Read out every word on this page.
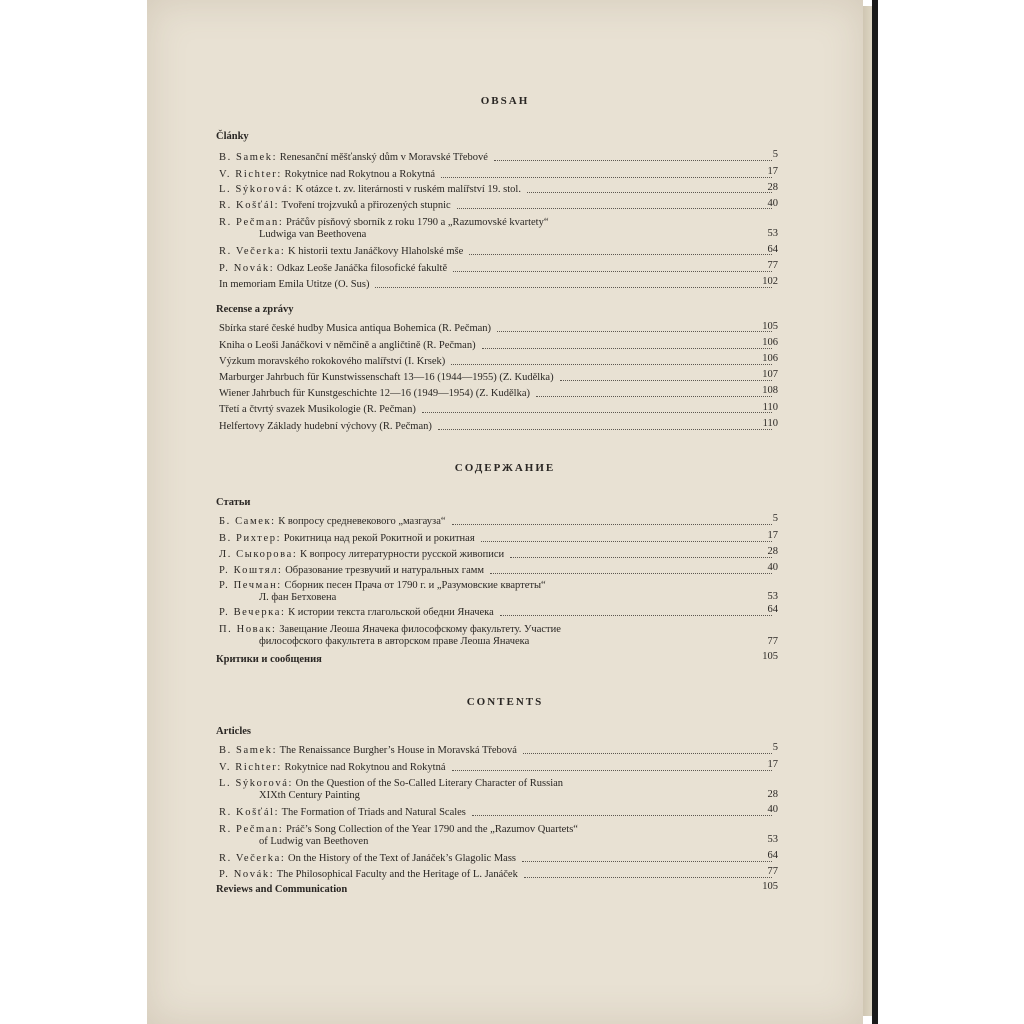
OBSAH
Články
B. Samek: Renesanční měšťanský dům v Moravské Třebové	5
V. Richter: Rokytnice nad Rokytnou a Rokytná	17
L. Sýkorová: K otázce t. zv. literárnosti v ruském malířství 19. stol.	28
R. Košťál: Tvoření trojzvuků a přirozených stupnic	40
R. Pečman: Práčův písňový sborník z roku 1790 a „Razumovské kvartety“
Ludwiga van Beethovena	53
R. Večerka: K historii textu Janáčkovy Hlaholské mše	64
P. Novák: Odkaz Leoše Janáčka filosofické fakultě	77
In memoriam Emila Utitze (O. Sus)	102
Recense a zprávy
Sbírka staré české hudby Musica antiqua Bohemica (R. Pečman)	105
Kniha o Leoši Janáčkovi v němčině a angličtině (R. Pečman)	106
Výzkum moravského rokokového malířství (I. Krsek)	106
Marburger Jahrbuch für Kunstwissenschaft 13—16 (1944—1955) (Z. Kudělka)	107
Wiener Jahrbuch für Kunstgeschichte 12—16 (1949—1954) (Z. Kudělka)	108
Třetí a čtvrtý svazek Musikologie (R. Pečman)	110
Helfertovy Základy hudební výchovy (R. Pečman)	110
СОДЕРЖАНИЕ
Статьи
Б. Самек: К вопросу средневекового „мазгауза“	5
В. Рихтер: Рокитница над рекой Рокитной и рокитная	17
Л. Сыкорова: К вопросу литературности русской живописи	28
Р. Кoштял: Образование трезвучий и натуральных гамм	40
Р. Печман: Сборник песен Прача от 1790 г. и „Разумовские квартеты“
Л. фан Бетховена	53
Р. Вечерка: К истории текста глагольской обедни Яначека	64
П. Новак: Завещание Леоша Яначека философскому факультету. Участие
философского факультета в авторском праве Леоша Яначека	77
Критики и сообщения	105
CONTENTS
Articles
B. Samek: The Renaissance Burgher’s House in Moravská Třebová	5
V. Richter: Rokytnice nad Rokytnou and Rokytná	17
L. Sýkorová: On the Question of the So-Called Literary Character of Russian
XIXth Century Painting	28
R. Košťál: The Formation of Triads and Natural Scales	40
R. Pečman: Práč’s Song Collection of the Year 1790 and the „Razumov Quartets“
of Ludwig van Beethoven	53
R. Večerka: On the History of the Text of Janáček’s Glagolic Mass	64
P. Novák: The Philosophical Faculty and the Heritage of L. Janáček	77
Reviews and Communication	105
